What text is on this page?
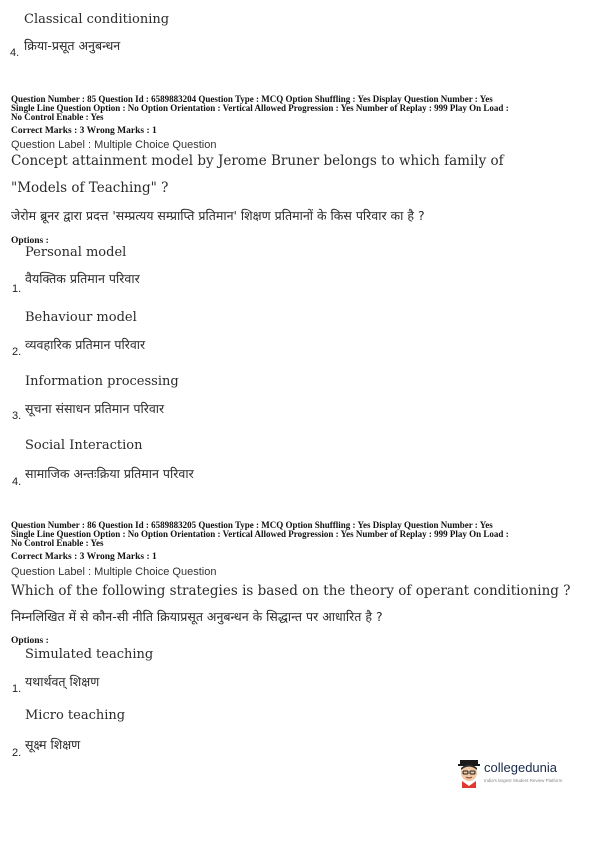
Classical conditioning
4. क्रिया-प्रसूत अनुबन्धन
Question Number : 85 Question Id : 6589883204 Question Type : MCQ Option Shuffling : Yes Display Question Number : Yes
Single Line Question Option : No Option Orientation : Vertical Allowed Progression : Yes Number of Replay : 999 Play On Load :
No Control Enable : Yes
Correct Marks : 3 Wrong Marks : 1
Question Label : Multiple Choice Question
Concept attainment model by Jerome Bruner belongs to which family of
"Models of Teaching" ?
जेरोम ब्रूनर द्वारा प्रदत्त 'सम्प्रत्यय सम्प्राप्ति प्रतिमान' शिक्षण प्रतिमानों के किस परिवार का है ?
Options :
Personal model
1.
वैयक्तिक प्रतिमान परिवार
Behaviour model
2. व्यवहारिक प्रतिमान परिवार
Information processing
3. सूचना संसाधन प्रतिमान परिवार
Social Interaction
4.
सामाजिक अन्तःक्रिया प्रतिमान परिवार
Question Number : 86 Question Id : 6589883205 Question Type : MCQ Option Shuffling : Yes Display Question Number : Yes
Single Line Question Option : No Option Orientation : Vertical Allowed Progression : Yes Number of Replay : 999 Play On Load :
No Control Enable : Yes
Correct Marks : 3 Wrong Marks : 1
Question Label : Multiple Choice Question
Which of the following strategies is based on the theory of operant conditioning ?
निम्नलिखित में से कौन-सी नीति क्रियाप्रसूत अनुबन्धन के सिद्धान्त पर आधारित है ?
Options :
Simulated teaching
1. यथार्थवत् शिक्षण
Micro teaching
2.
सूक्ष्म शिक्षण
collegedunia
India's largest Student Review Platform
